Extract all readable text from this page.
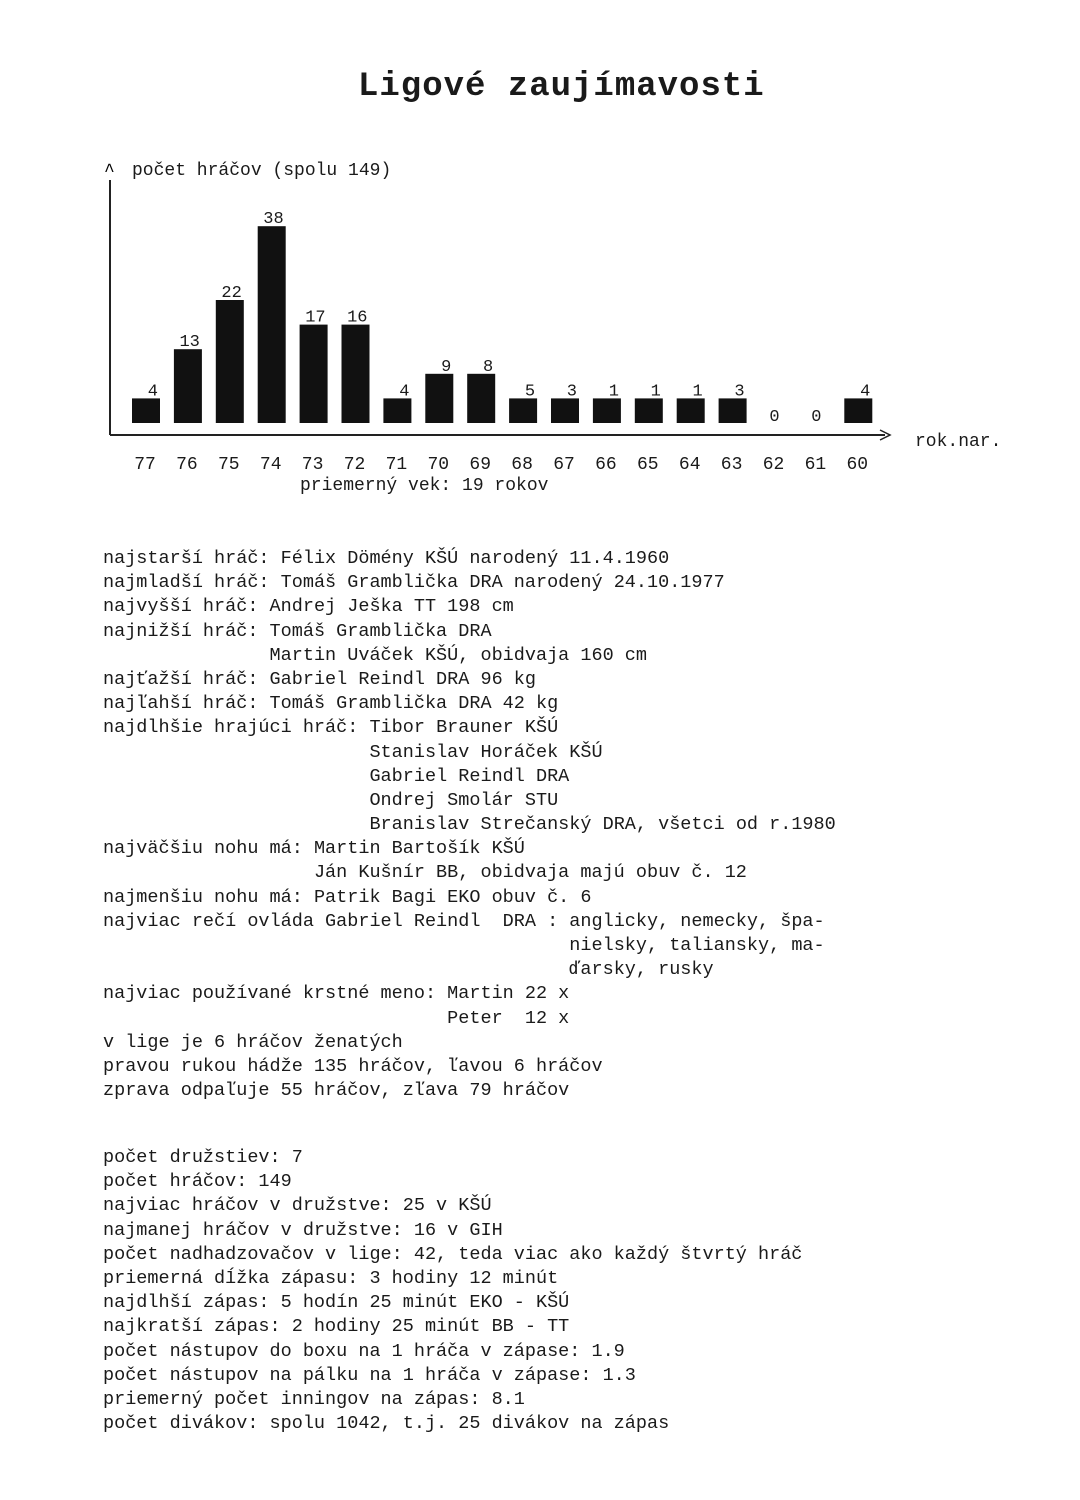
Ligové zaujímavosti
^ počet hráčov (spolu 149)
rok.nar.
4
13
22
38
17 16
4
9 8
5 3 1 1 1 3
0 0
4
77 76 75 74 73 72 71 70 69 68 67 66 65 64 63 62 61 60
priemerný vek: 19 rokov
najstarší hráč: Félix Dömény KŠÚ narodený 11.4.1960
najmladší hráč: Tomáš Gramblička DRA narodený 24.10.1977
najvyšší hráč: Andrej Ješka TT 198 cm
najnižší hráč: Tomáš Gramblička DRA
Martin Uváček KŠÚ, obidvaja 160 cm
najťažší hráč: Gabriel Reindl DRA 96 kg
najľahší hráč: Tomáš Gramblička DRA 42 kg
najdlhšie hrajúci hráč: Tibor Brauner KŠÚ
Stanislav Horáček KŠÚ
Gabriel Reindl DRA
Ondrej Smolár STU
Branislav Strečanský DRA, všetci od r.1980
najväčšiu nohu má: Martin Bartošík KŠÚ
Ján Kušnír BB, obidvaja majú obuv č. 12
najmenšiu nohu má: Patrik Bagi EKO obuv č. 6
najviac rečí ovláda Gabriel Reindl  DRA : anglicky, nemecky, špa-
nielsky, taliansky, ma-
ďarsky, rusky
najviac používané krstné meno: Martin 22 x
Peter  12 x
v lige je 6 hráčov ženatých
pravou rukou hádže 135 hráčov, ľavou 6 hráčov
zprava odpaľuje 55 hráčov, zľava 79 hráčov
počet družstiev: 7
počet hráčov: 149
najviac hráčov v družstve: 25 v KŠÚ
najmanej hráčov v družstve: 16 v GIH
počet nadhadzovačov v lige: 42, teda viac ako každý štvrtý hráč
priemerná dĺžka zápasu: 3 hodiny 12 minút
najdlhší zápas: 5 hodín 25 minút EKO - KŠÚ
najkratší zápas: 2 hodiny 25 minút BB - TT
počet nástupov do boxu na 1 hráča v zápase: 1.9
počet nástupov na pálku na 1 hráča v zápase: 1.3
priemerný počet inningov na zápas: 8.1
počet divákov: spolu 1042, t.j. 25 divákov na zápas
